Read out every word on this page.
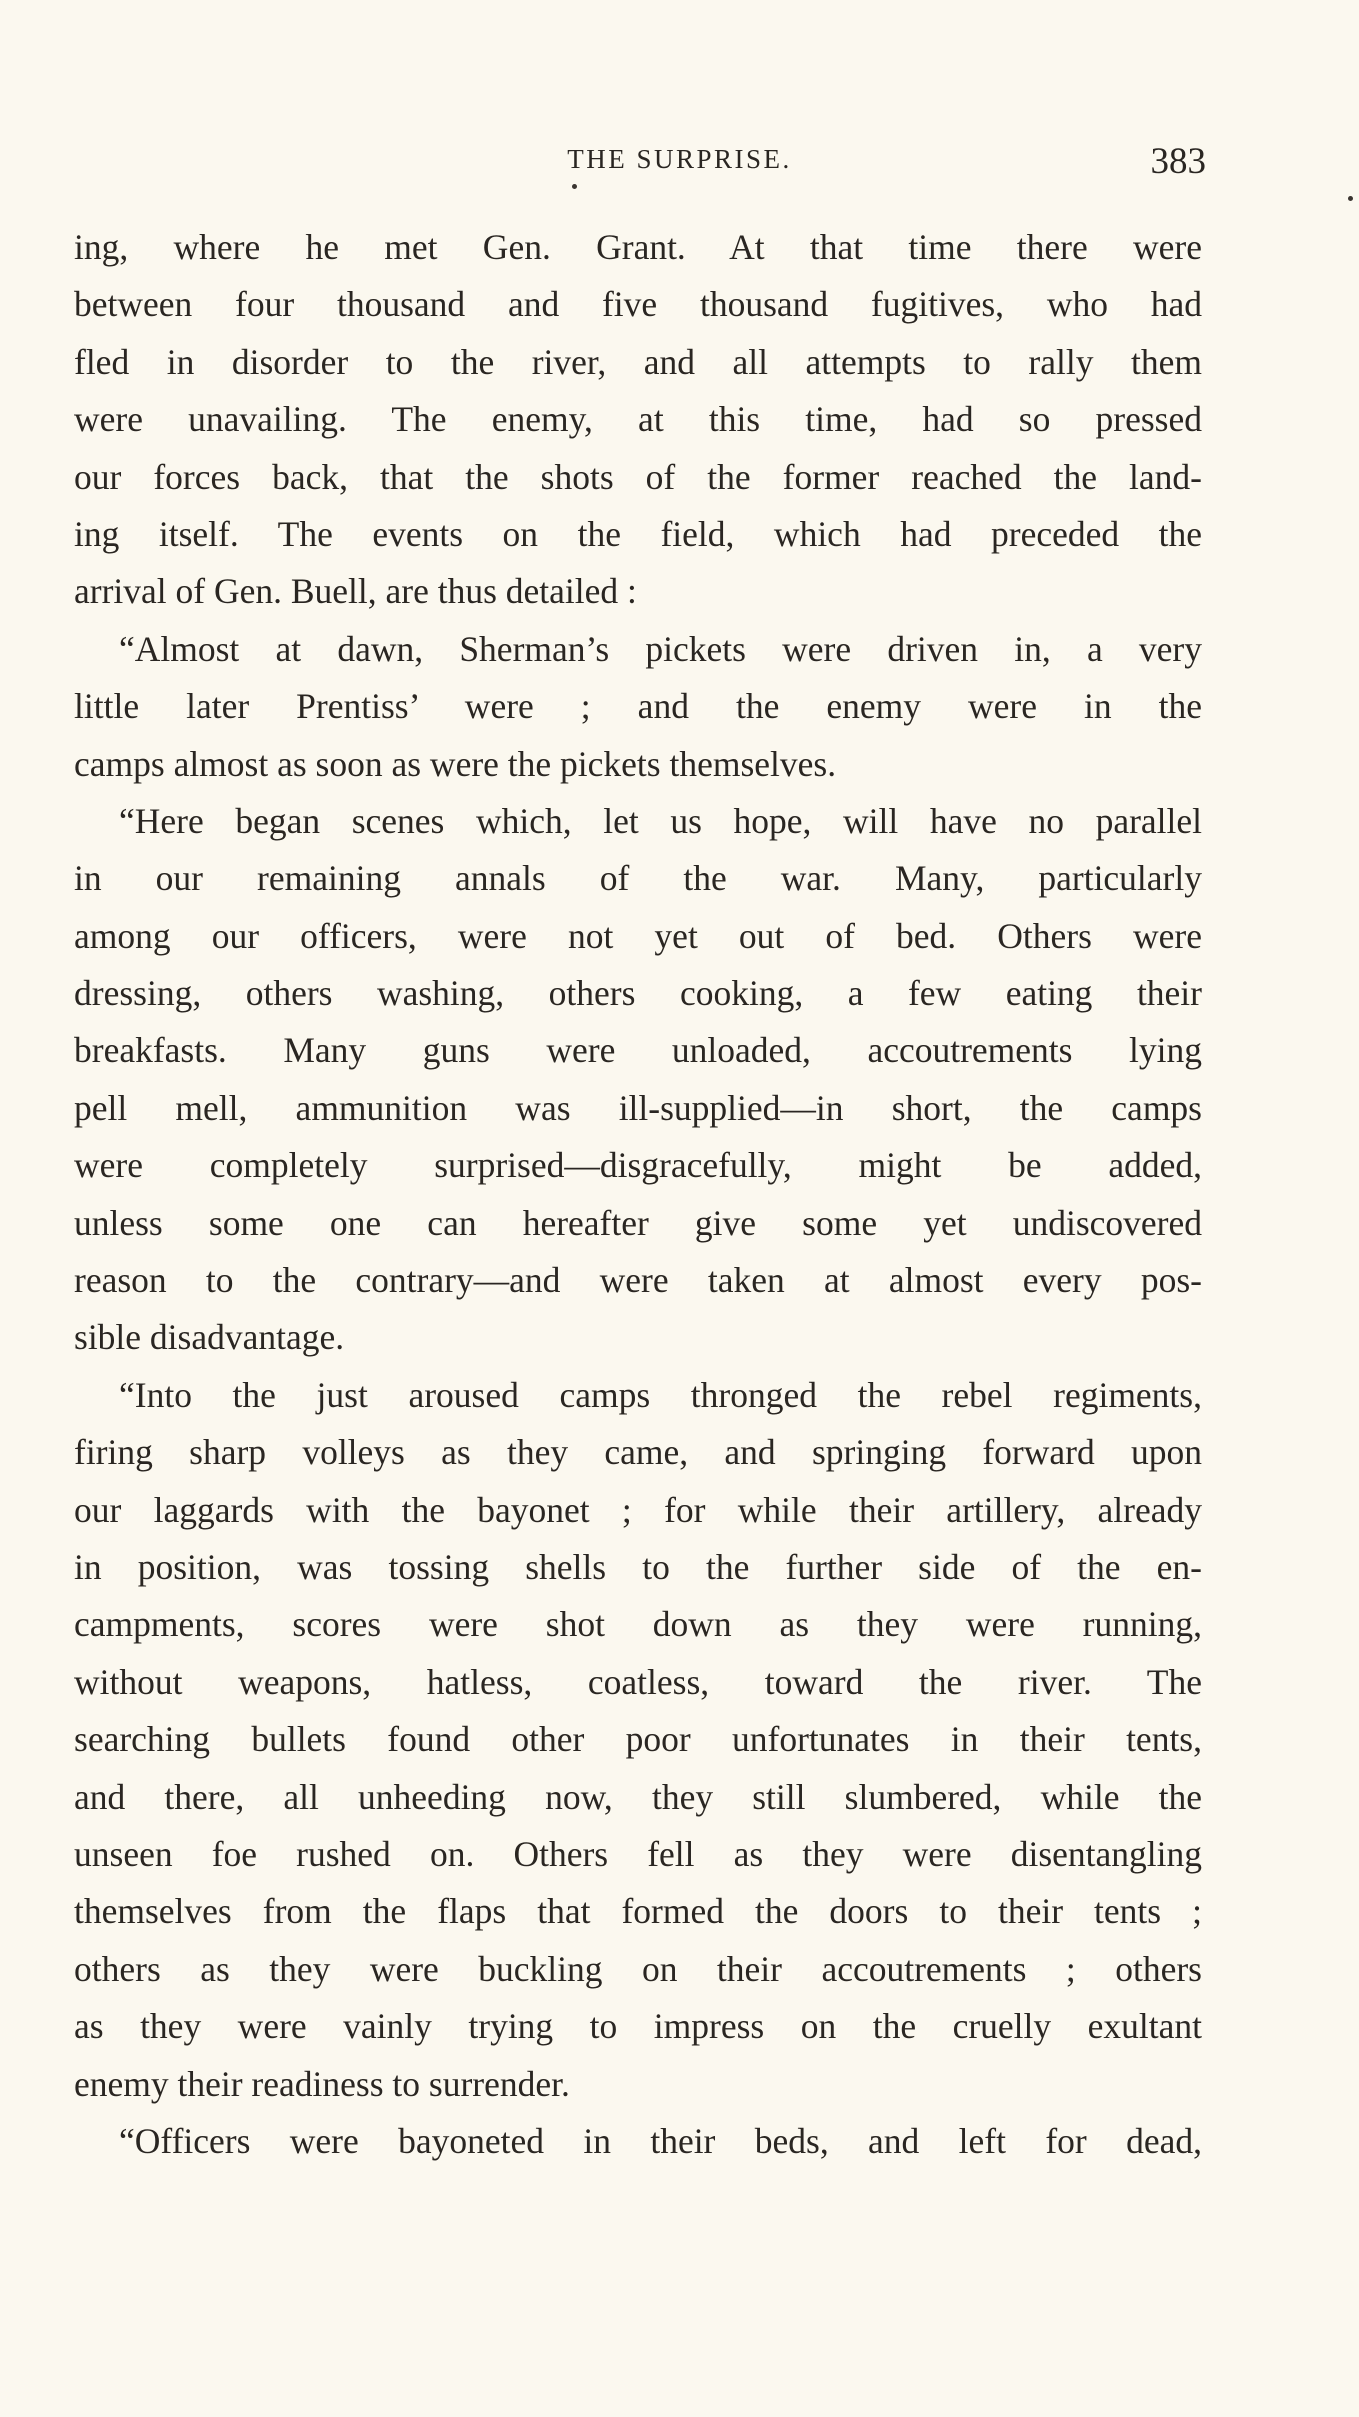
THE SURPRISE.	383
ing, where he met Gen. Grant. At that time there were
between four thousand and five thousand fugitives, who had
fled in disorder to the river, and all attempts to rally them
were unavailing. The enemy, at this time, had so pressed
our forces back, that the shots of the former reached the land-
ing itself. The events on the field, which had preceded the
arrival of Gen. Buell, are thus detailed :
“Almost at dawn, Sherman’s pickets were driven in, a very
little later Prentiss’ were ; and the enemy were in the
camps almost as soon as were the pickets themselves.
“Here began scenes which, let us hope, will have no parallel
in our remaining annals of the war. Many, particularly
among our officers, were not yet out of bed. Others were
dressing, others washing, others cooking, a few eating their
breakfasts. Many guns were unloaded, accoutrements lying
pell mell, ammunition was ill-supplied—in short, the camps
were completely surprised—disgracefully, might be added,
unless some one can hereafter give some yet undiscovered
reason to the contrary—and were taken at almost every pos-
sible disadvantage.
“Into the just aroused camps thronged the rebel regiments,
firing sharp volleys as they came, and springing forward upon
our laggards with the bayonet ; for while their artillery, already
in position, was tossing shells to the further side of the en-
campments, scores were shot down as they were running,
without weapons, hatless, coatless, toward the river. The
searching bullets found other poor unfortunates in their tents,
and there, all unheeding now, they still slumbered, while the
unseen foe rushed on. Others fell as they were disentangling
themselves from the flaps that formed the doors to their tents ;
others as they were buckling on their accoutrements ; others
as they were vainly trying to impress on the cruelly exultant
enemy their readiness to surrender.
“Officers were bayoneted in their beds, and left for dead,
